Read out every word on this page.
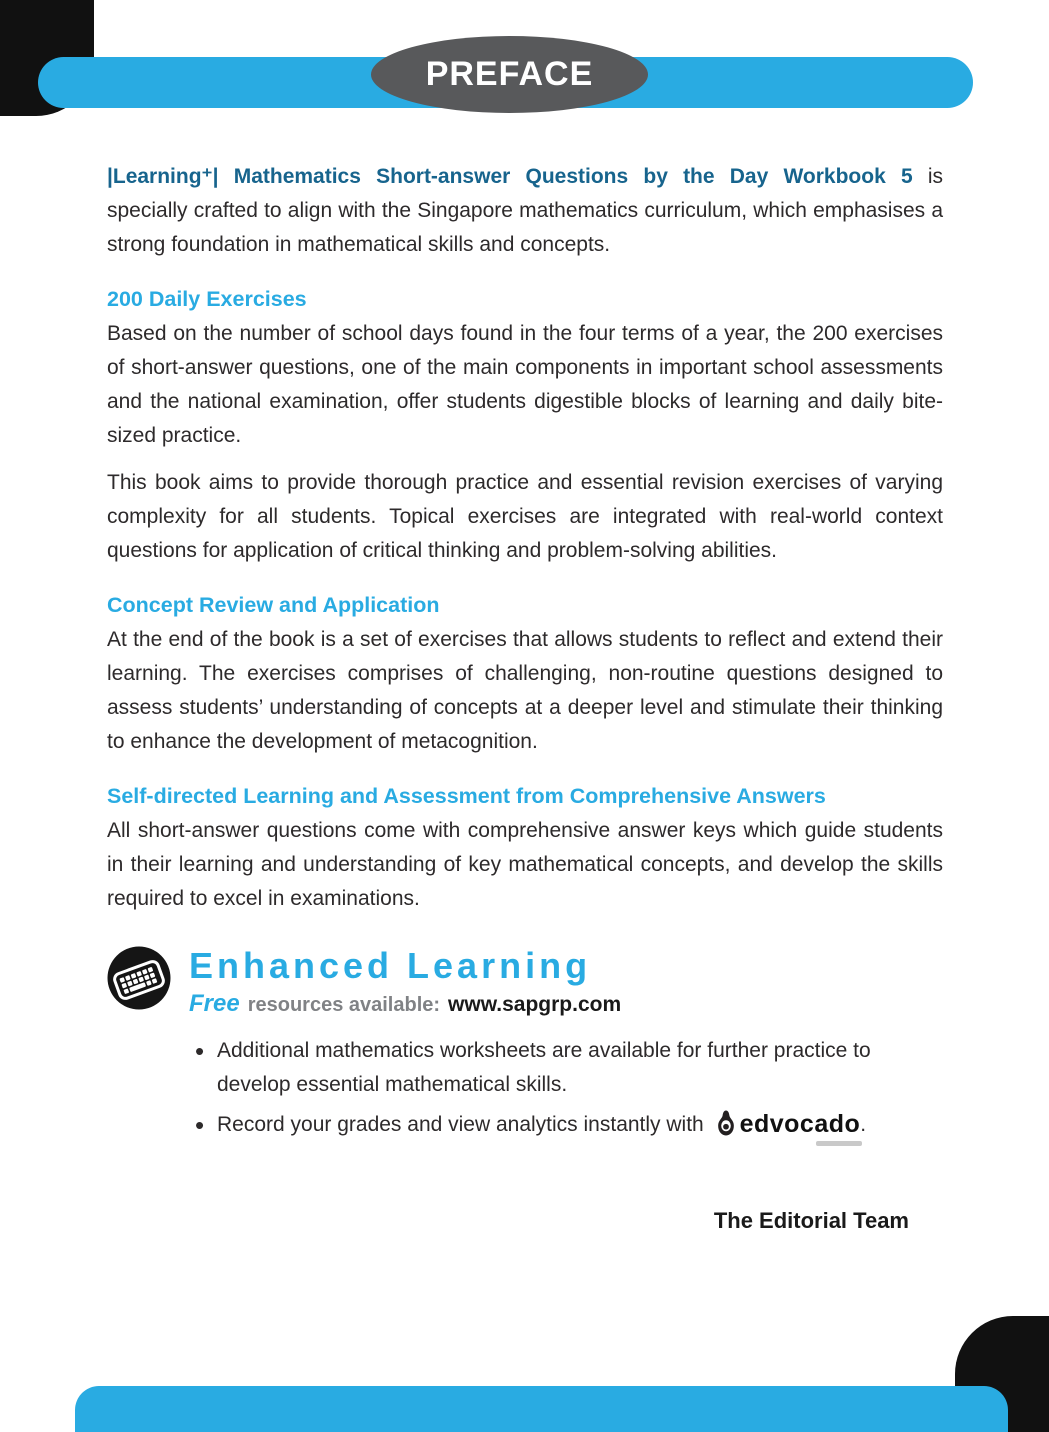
PREFACE

|Learning⁺| Mathematics Short-answer Questions by the Day Workbook 5 is specially crafted to align with the Singapore mathematics curriculum, which emphasises a strong foundation in mathematical skills and concepts.

200 Daily Exercises

Based on the number of school days found in the four terms of a year, the 200 exercises of short-answer questions, one of the main components in important school assessments and the national examination, offer students digestible blocks of learning and daily bite-sized practice.

This book aims to provide thorough practice and essential revision exercises of varying complexity for all students. Topical exercises are integrated with real-world context questions for application of critical thinking and problem-solving abilities.

Concept Review and Application

At the end of the book is a set of exercises that allows students to reflect and extend their learning. The exercises comprises of challenging, non-routine questions designed to assess students’ understanding of concepts at a deeper level and stimulate their thinking to enhance the development of metacognition.

Self-directed Learning and Assessment from Comprehensive Answers

All short-answer questions come with comprehensive answer keys which guide students in their learning and understanding of key mathematical concepts, and develop the skills required to excel in examinations.

Enhanced Learning
Free resources available: www.sapgrp.com
• Additional mathematics worksheets are available for further practice to develop essential mathematical skills.
• Record your grades and view analytics instantly with edvocado .
The Editorial Team
